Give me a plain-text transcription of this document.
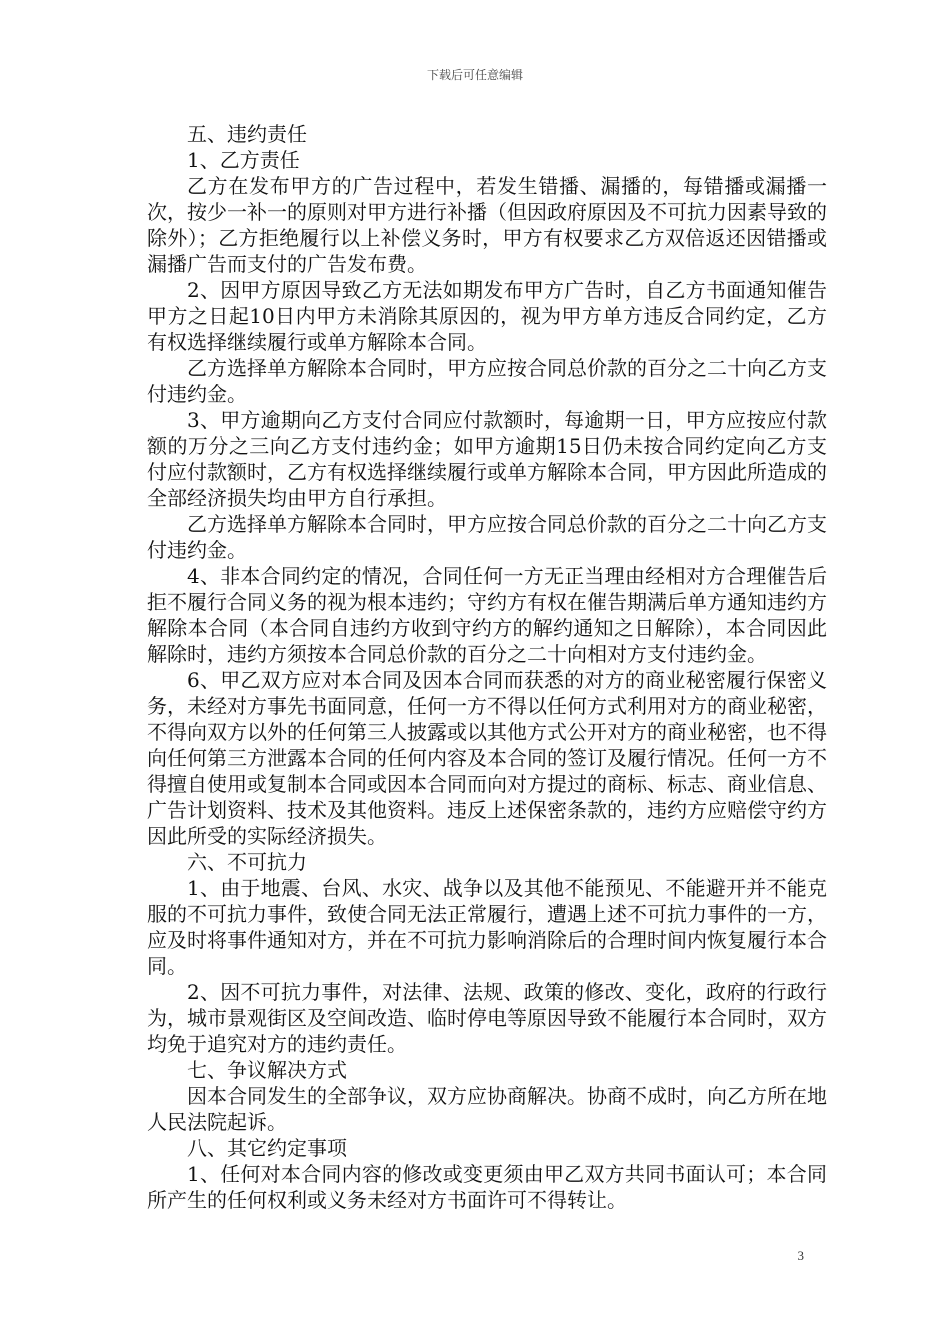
下载后可任意编辑

五、违约责任

1、乙方责任

乙方在发布甲方的广告过程中，若发生错播、漏播的，每错播或漏播一次，按少一补一的原则对甲方进行补播（但因政府原因及不可抗力因素导致的除外）；乙方拒绝履行以上补偿义务时，甲方有权要求乙方双倍返还因错播或漏播广告而支付的广告发布费。

2、因甲方原因导致乙方无法如期发布甲方广告时，自乙方书面通知催告甲方之日起10日内甲方未消除其原因的，视为甲方单方违反合同约定，乙方有权选择继续履行或单方解除本合同。

乙方选择单方解除本合同时，甲方应按合同总价款的百分之二十向乙方支付违约金。

3、甲方逾期向乙方支付合同应付款额时，每逾期一日，甲方应按应付款额的万分之三向乙方支付违约金；如甲方逾期15日仍未按合同约定向乙方支付应付款额时，乙方有权选择继续履行或单方解除本合同，甲方因此所造成的全部经济损失均由甲方自行承担。

乙方选择单方解除本合同时，甲方应按合同总价款的百分之二十向乙方支付违约金。

4、非本合同约定的情况，合同任何一方无正当理由经相对方合理催告后拒不履行合同义务的视为根本违约；守约方有权在催告期满后单方通知违约方解除本合同（本合同自违约方收到守约方的解约通知之日解除），本合同因此解除时，违约方须按本合同总价款的百分之二十向相对方支付违约金。

6、甲乙双方应对本合同及因本合同而获悉的对方的商业秘密履行保密义务，未经对方事先书面同意，任何一方不得以任何方式利用对方的商业秘密，不得向双方以外的任何第三人披露或以其他方式公开对方的商业秘密，也不得向任何第三方泄露本合同的任何内容及本合同的签订及履行情况。任何一方不得擅自使用或复制本合同或因本合同而向对方提过的商标、标志、商业信息、广告计划资料、技术及其他资料。违反上述保密条款的，违约方应赔偿守约方因此所受的实际经济损失。

六、不可抗力

1、由于地震、台风、水灾、战争以及其他不能预见、不能避开并不能克服的不可抗力事件，致使合同无法正常履行，遭遇上述不可抗力事件的一方，应及时将事件通知对方，并在不可抗力影响消除后的合理时间内恢复履行本合同。

2、因不可抗力事件，对法律、法规、政策的修改、变化，政府的行政行为，城市景观街区及空间改造、临时停电等原因导致不能履行本合同时，双方均免于追究对方的违约责任。

七、争议解决方式

因本合同发生的全部争议，双方应协商解决。协商不成时，向乙方所在地人民法院起诉。

八、其它约定事项

1、任何对本合同内容的修改或变更须由甲乙双方共同书面认可；本合同所产生的任何权利或义务未经对方书面许可不得转让。

3
